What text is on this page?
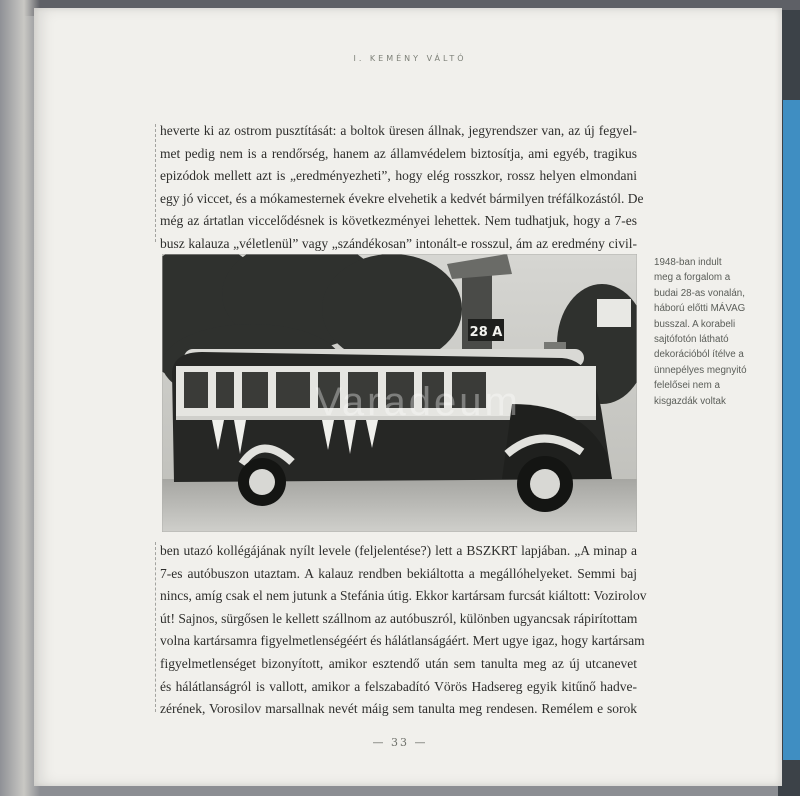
I. KEMÉNY VÁLTÓ
heverte ki az ostrom pusztítását: a boltok üresen állnak, jegyrendszer van, az új fegyel-
met pedig nem is a rendőrség, hanem az államvédelem biztosítja, ami egyéb, tragikus
epizódok mellett azt is „eredményezheti”, hogy elég rosszkor, rossz helyen elmondani
egy jó viccet, és a mókamesternek évekre elvehetik a kedvét bármilyen tréfálkozástól. De
még az ártatlan viccelődésnek is következményei lehettek. Nem tudhatjuk, hogy a 7-es
busz kalauza „véletlenül” vagy „szándékosan” intonált-e rosszul, ám az eredmény civil-
28 A
1948-ban indult
meg a forgalom a
budai 28-as vonalán,
háború előtti MÁVAG
busszal. A korabeli
sajtófotón látható
dekorációból ítélve a
ünnepélyes megnyitó
felelősei nem a
kisgazdák voltak
ben utazó kollégájának nyílt levele (feljelentése?) lett a BSZKRT lapjában. „A minap a
7-es autóbuszon utaztam. A kalauz rendben bekiáltotta a megállóhelyeket. Semmi baj
nincs, amíg csak el nem jutunk a Stefánia útig. Ekkor kartársam furcsát kiáltott: Vozirolov
út! Sajnos, sürgősen le kellett szállnom az autóbuszról, különben ugyancsak rápirítottam
volna kartársamra figyelmetlenségéért és hálátlanságáért. Mert ugye igaz, hogy kartársam
figyelmetlenséget bizonyított, amikor esztendő után sem tanulta meg az új utcanevet
és hálátlanságról is vallott, amikor a felszabadító Vörös Hadsereg egyik kitűnő hadve-
zérének, Vorosilov marsallnak nevét máig sem tanulta meg rendesen. Remélem e sorok
Varadeum
— 33 —
